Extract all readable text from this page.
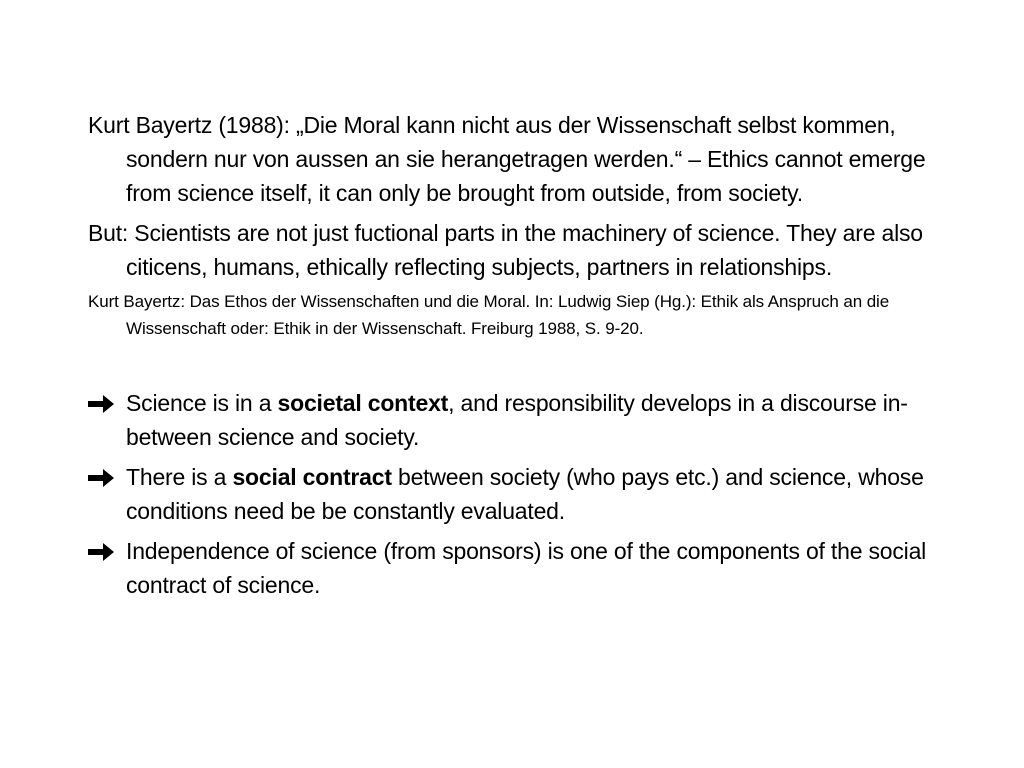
Kurt Bayertz (1988): „Die Moral kann nicht aus der Wissenschaft selbst kommen, sondern nur von aussen an sie herangetragen werden.“ – Ethics cannot emerge from science itself, it can only be brought from outside, from society.

But: Scientists are not just fuctional parts in the machinery of science. They are also citicens, humans, ethically reflecting subjects, partners in relationships.

Kurt Bayertz: Das Ethos der Wissenschaften und die Moral. In: Ludwig Siep (Hg.): Ethik als Anspruch an die Wissenschaft oder: Ethik in der Wissenschaft. Freiburg 1988, S. 9-20.

Science is in a societal context, and responsibility develops in a discourse in-between science and society.
There is a social contract between society (who pays etc.) and science, whose conditions need be be constantly evaluated.
Independence of science (from sponsors) is one of the components of the social contract of science.
